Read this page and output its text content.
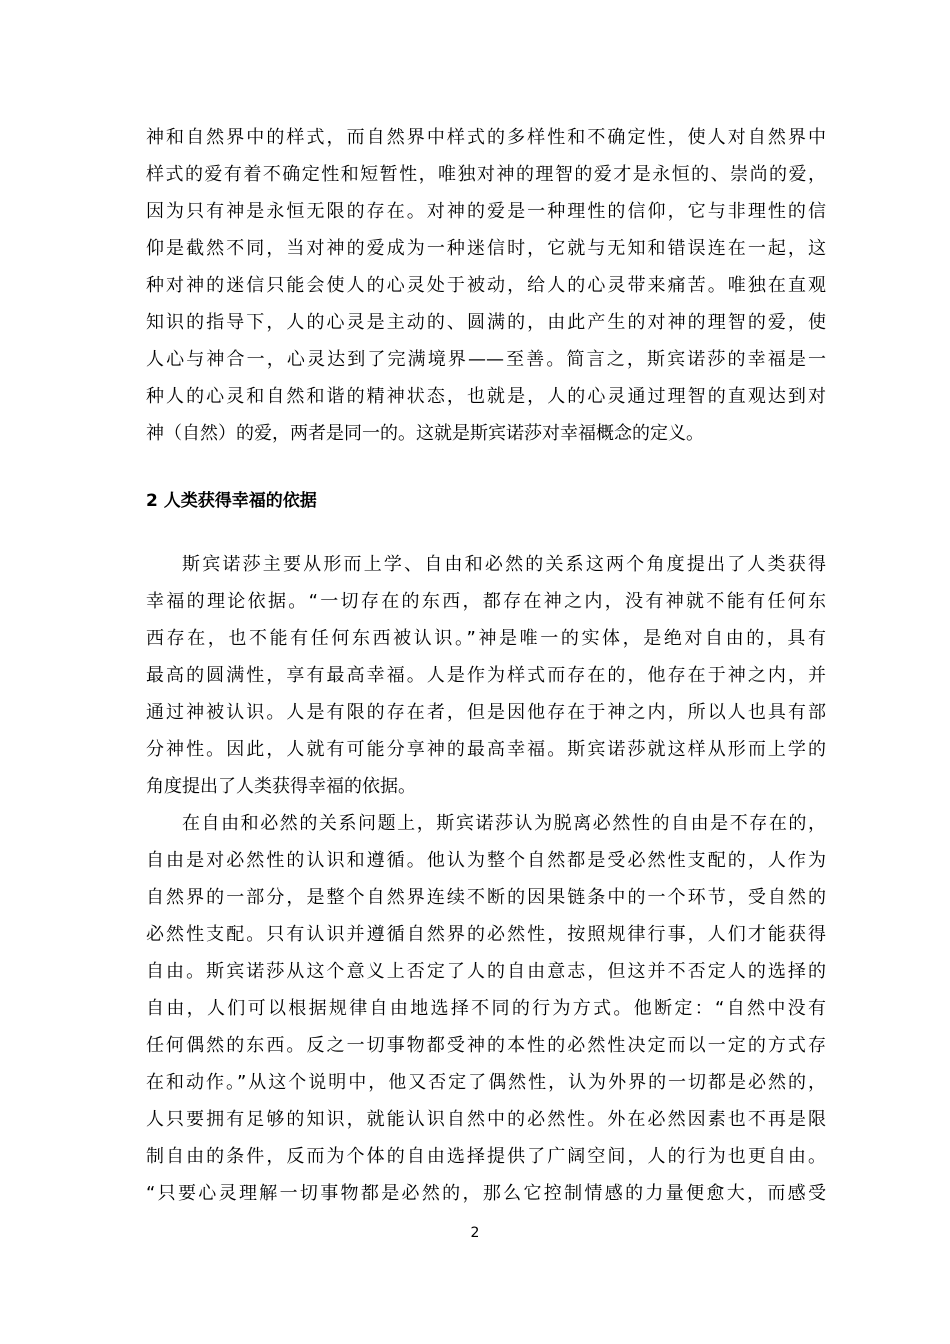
神和自然界中的样式，而自然界中样式的多样性和不确定性，使人对自然界中
样式的爱有着不确定性和短暂性，唯独对神的理智的爱才是永恒的、崇尚的爱，
因为只有神是永恒无限的存在。对神的爱是一种理性的信仰，它与非理性的信
仰是截然不同，当对神的爱成为一种迷信时，它就与无知和错误连在一起，这
种对神的迷信只能会使人的心灵处于被动，给人的心灵带来痛苦。唯独在直观
知识的指导下，人的心灵是主动的、圆满的，由此产生的对神的理智的爱，使
人心与神合一，心灵达到了完满境界——至善。简言之，斯宾诺莎的幸福是一
种人的心灵和自然和谐的精神状态，也就是，人的心灵通过理智的直观达到对
神（自然）的爱，两者是同一的。这就是斯宾诺莎对幸福概念的定义。
2 人类获得幸福的依据
斯宾诺莎主要从形而上学、自由和必然的关系这两个角度提出了人类获得
幸福的理论依据。“一切存在的东西，都存在神之内，没有神就不能有任何东
西存在，也不能有任何东西被认识。”神是唯一的实体，是绝对自由的，具有
最高的圆满性，享有最高幸福。人是作为样式而存在的，他存在于神之内，并
通过神被认识。人是有限的存在者，但是因他存在于神之内，所以人也具有部
分神性。因此，人就有可能分享神的最高幸福。斯宾诺莎就这样从形而上学的
角度提出了人类获得幸福的依据。
在自由和必然的关系问题上，斯宾诺莎认为脱离必然性的自由是不存在的，
自由是对必然性的认识和遵循。他认为整个自然都是受必然性支配的，人作为
自然界的一部分，是整个自然界连续不断的因果链条中的一个环节，受自然的
必然性支配。只有认识并遵循自然界的必然性，按照规律行事，人们才能获得
自由。斯宾诺莎从这个意义上否定了人的自由意志，但这并不否定人的选择的
自由，人们可以根据规律自由地选择不同的行为方式。他断定：“自然中没有
任何偶然的东西。反之一切事物都受神的本性的必然性决定而以一定的方式存
在和动作。”从这个说明中，他又否定了偶然性，认为外界的一切都是必然的，
人只要拥有足够的知识，就能认识自然中的必然性。外在必然因素也不再是限
制自由的条件，反而为个体的自由选择提供了广阔空间，人的行为也更自由。
“只要心灵理解一切事物都是必然的，那么它控制情感的力量便愈大，而感受
2
